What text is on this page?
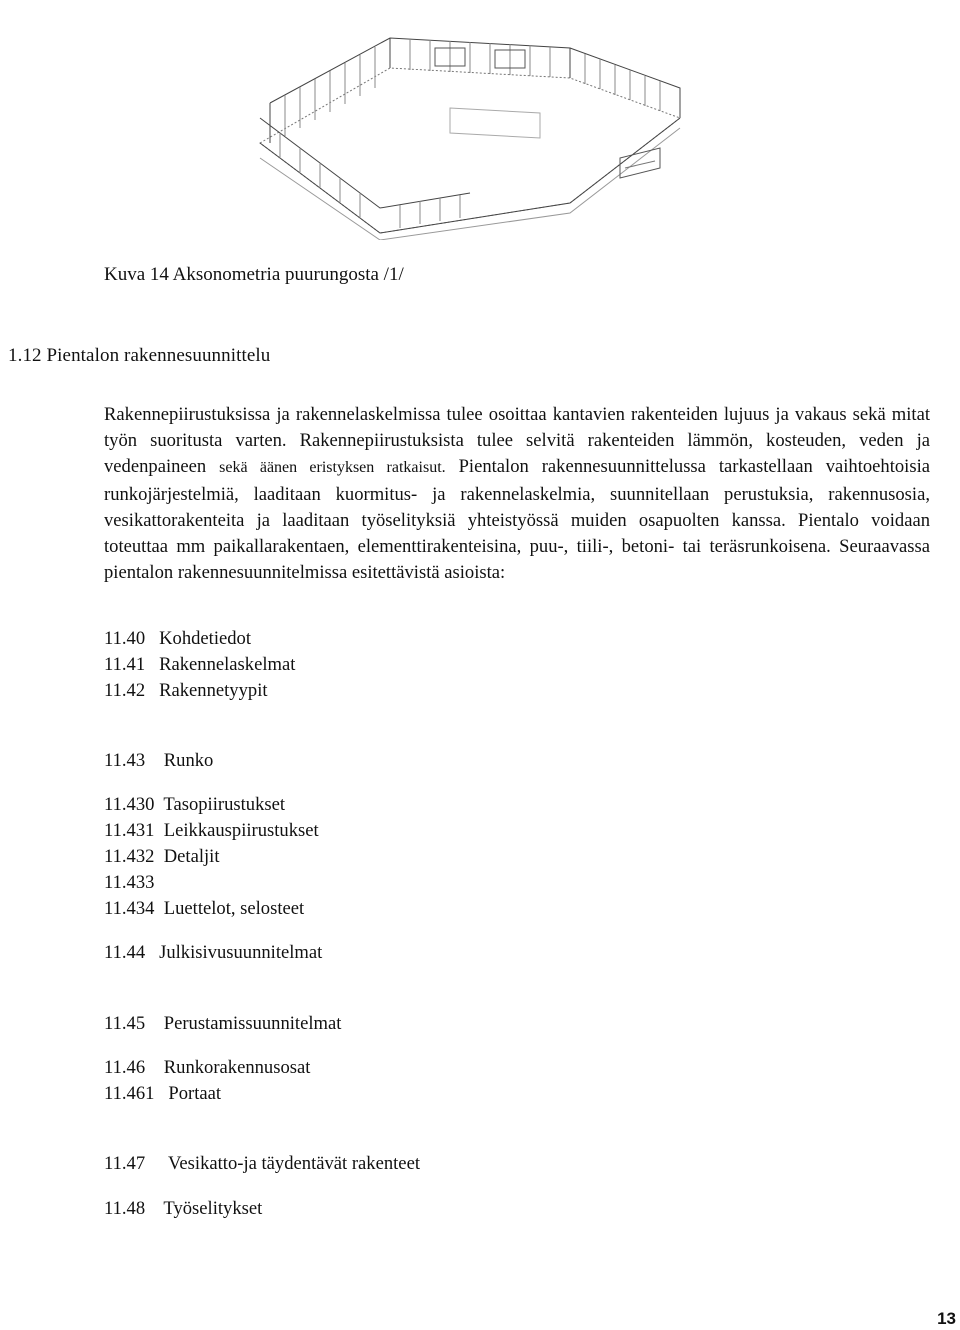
Kuva 14 Aksonometria puurungosta /1/
1.12 Pientalon rakennesuunnittelu

Rakennepiirustuksissa ja rakennelaskelmissa tulee osoittaa kantavien rakenteiden lujuus ja vakaus sekä mitat työn suoritusta varten. Rakennepiirustuksista tulee selvitä rakenteiden lämmön, kosteuden, veden ja vedenpaineen sekä äänen eristyksen ratkaisut. Pientalon rakennesuunnittelussa tarkastellaan vaihtoehtoisia runkojärjestelmiä, laaditaan kuormitus- ja rakennelaskelmia, suunnitellaan perustuksia, rakennusosia, vesikattorakenteita ja laaditaan työselityksiä yhteistyössä muiden osapuolten kanssa. Pientalo voidaan toteuttaa mm paikallarakentaen, elementtirakenteisina, puu-, tiili-, betoni- tai teräsrunkoisena. Seuraavassa pientalon rakennesuunnitelmissa esitettävistä asioista:

11.40   Kohdetiedot
11.41   Rakennelaskelmat
11.42   Rakennetyypit
11.43    Runko
11.430  Tasopiirustukset
11.431  Leikkauspiirustukset
11.432  Detaljit
11.433
11.434  Luettelot, selosteet
11.44   Julkisivusuunnitelmat
11.45    Perustamissuunnitelmat
11.46    Runkorakennusosat
11.461   Portaat
11.47     Vesikatto-ja täydentävät rakenteet
11.48    Työselitykset
13
